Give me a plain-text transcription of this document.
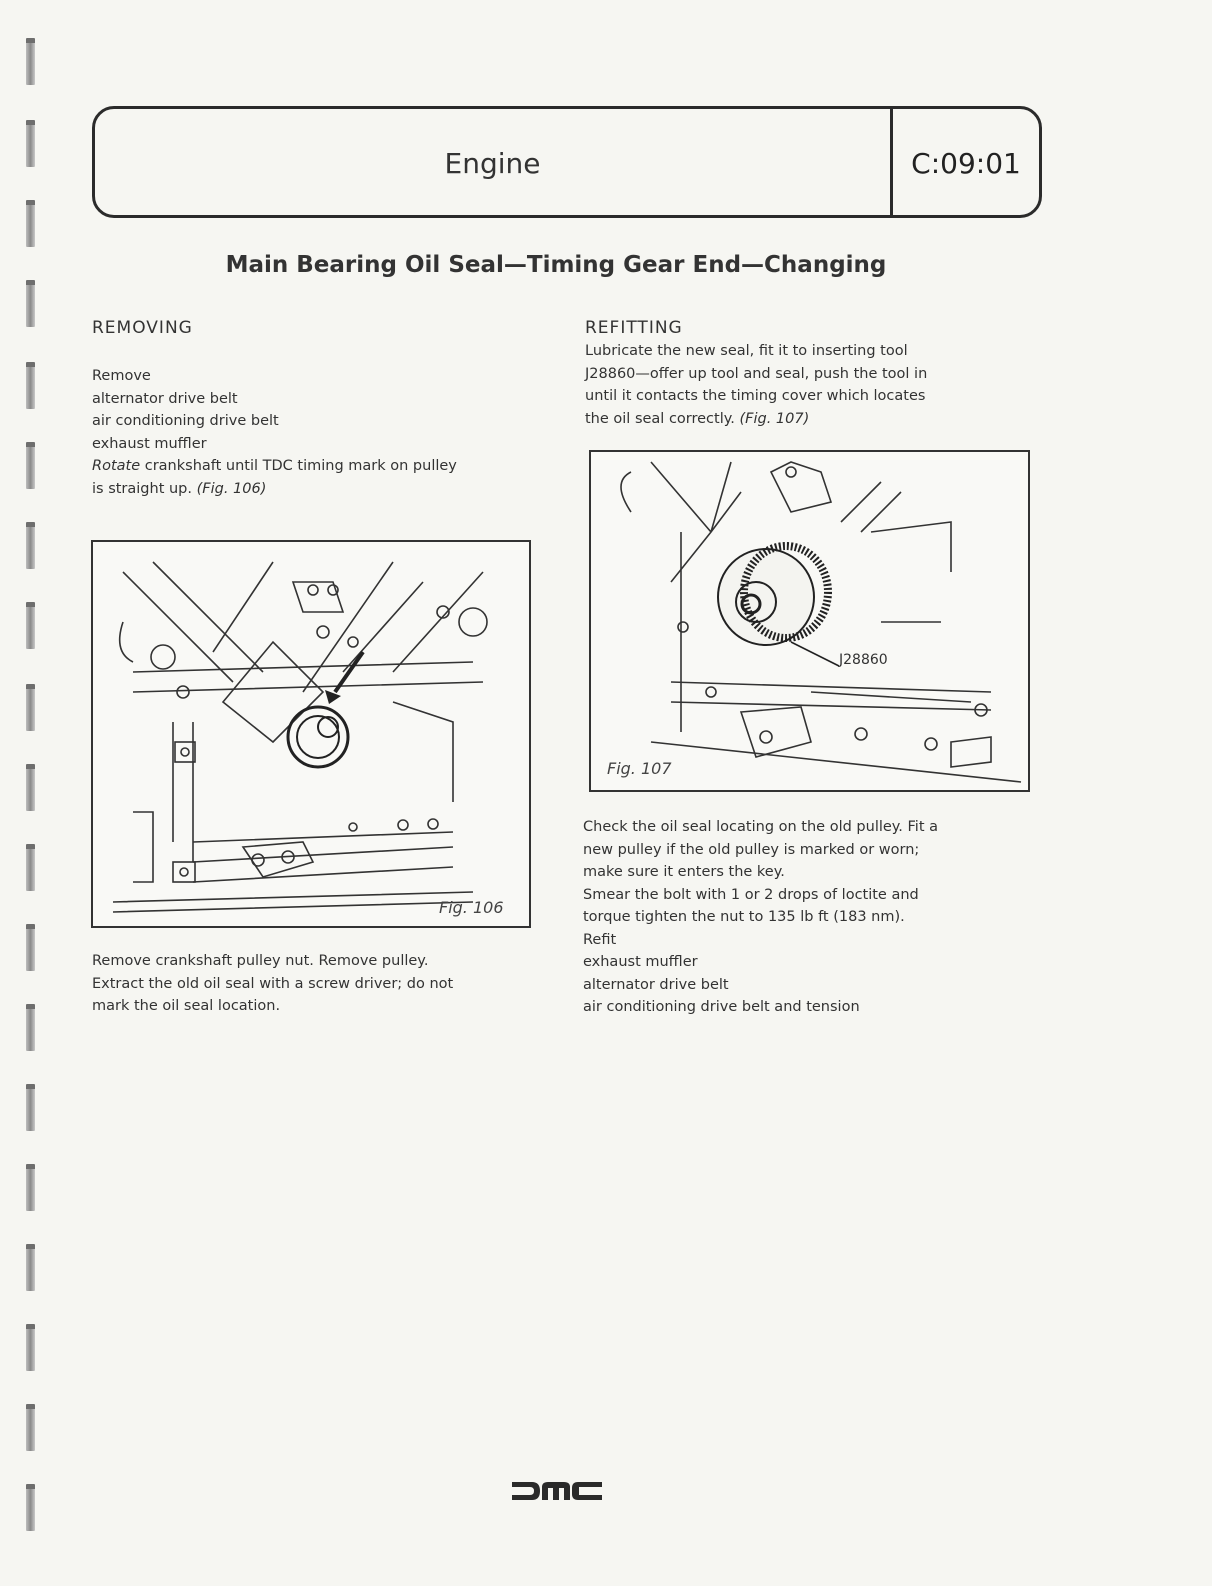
Engine	C:09:01
Main Bearing Oil Seal—Timing Gear End—Changing
REMOVING
Remove
alternator drive belt
air conditioning drive belt
exhaust muffler
Rotate crankshaft until TDC timing mark on pulley
is straight up. (Fig. 106)
Fig. 106
Remove crankshaft pulley nut. Remove pulley.
Extract the old oil seal with a screw driver; do not
mark the oil seal location.
REFITTING
Lubricate the new seal, fit it to inserting tool
J28860—offer up tool and seal, push the tool in
until it contacts the timing cover which locates
the oil seal correctly. (Fig. 107)
J28860
Fig. 107
Check the oil seal locating on the old pulley. Fit a
new pulley if the old pulley is marked or worn;
make sure it enters the key.
Smear the bolt with 1 or 2 drops of loctite and
torque tighten the nut to 135 lb ft (183 nm).
Refit
exhaust muffler
alternator drive belt
air conditioning drive belt and tension
